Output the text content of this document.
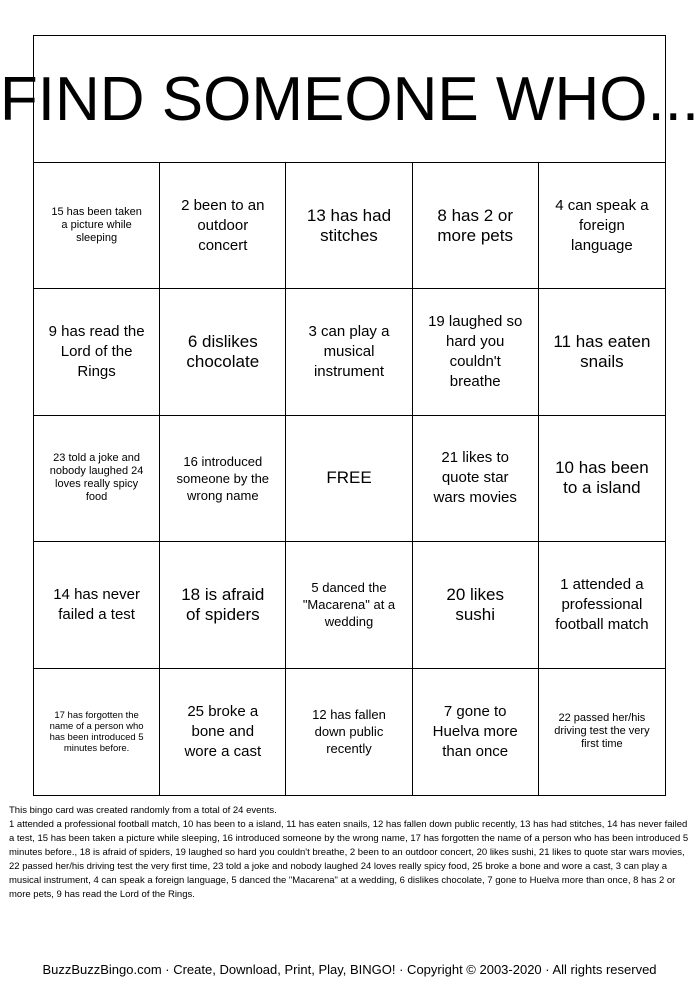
FIND SOMEONE WHO...
15 has been taken a picture while sleeping
2 been to an outdoor concert
13 has had stitches
8 has 2 or more pets
4 can speak a foreign language
9 has read the Lord of the Rings
6 dislikes chocolate
3 can play a musical instrument
19 laughed so hard you couldn't breathe
11 has eaten snails
23 told a joke and nobody laughed 24 loves really spicy food
16 introduced someone by the wrong name
FREE
21 likes to quote star wars movies
10 has been to a island
14 has never failed a test
18 is afraid of spiders
5 danced the "Macarena" at a wedding
20 likes sushi
1 attended a professional football match
17 has forgotten the name of a person who has been introduced 5 minutes before.
25 broke a bone and wore a cast
12 has fallen down public recently
7 gone to Huelva more than once
22 passed her/his driving test the very first time

This bingo card was created randomly from a total of 24 events.

1 attended a professional football match, 10 has been to a island, 11 has eaten snails, 12 has fallen down public recently, 13 has had stitches, 14 has never failed a test, 15 has been taken a picture while sleeping, 16 introduced someone by the wrong name, 17 has forgotten the name of a person who has been introduced 5 minutes before., 18 is afraid of spiders, 19 laughed so hard you couldn't breathe, 2 been to an outdoor concert, 20 likes sushi, 21 likes to quote star wars movies, 22 passed her/his driving test the very first time, 23 told a joke and nobody laughed 24 loves really spicy food, 25 broke a bone and wore a cast, 3 can play a musical instrument, 4 can speak a foreign language, 5 danced the "Macarena" at a wedding, 6 dislikes chocolate, 7 gone to Huelva more than once, 8 has 2 or more pets, 9 has read the Lord of the Rings.

BuzzBuzzBingo.com · Create, Download, Print, Play, BINGO! · Copyright © 2003-2020 · All rights reserved
